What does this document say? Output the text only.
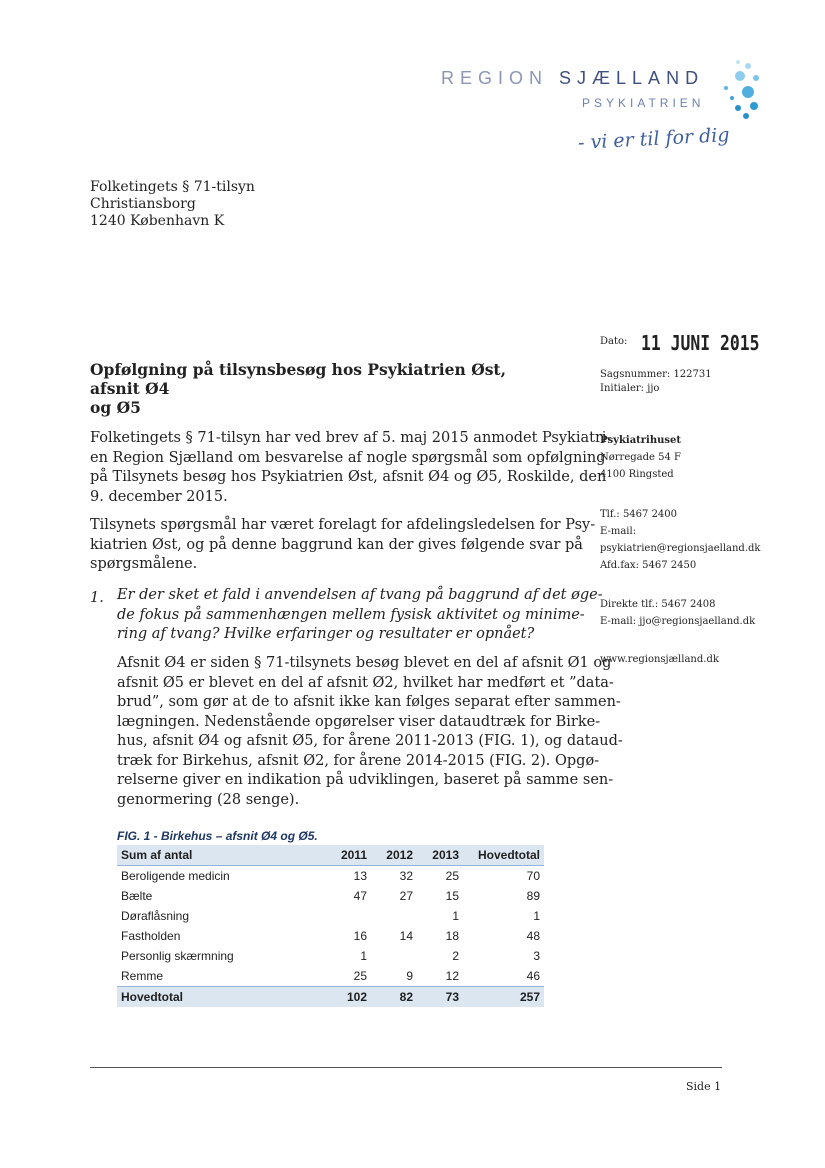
REGION SJÆLLAND
PSYKIATRIEN
- vi er til for dig
Folketingets § 71-tilsyn
Christiansborg
1240 København K
Dato: 11 JUNI 2015
Opfølgning på tilsynsbesøg hos Psykiatrien Øst, afsnit Ø4
og Ø5
Sagsnummer: 122731
Initialer: jjo
Psykiatrihuset
Nørregade 54 F
4100 Ringsted
Tlf.: 5467 2400
E-mail:
psykiatrien@regionsjaelland.dk
Afd.fax: 5467 2450
Direkte tlf.: 5467 2408
E-mail: jjo@regionsjaelland.dk
www.regionsjælland.dk
Folketingets § 71-tilsyn har ved brev af 5. maj 2015 anmodet Psykiatri-
en Region Sjælland om besvarelse af nogle spørgsmål som opfølgning
på Tilsynets besøg hos Psykiatrien Øst, afsnit Ø4 og Ø5, Roskilde, den
9. december 2015.
Tilsynets spørgsmål har været forelagt for afdelingsledelsen for Psy-
kiatrien Øst, og på denne baggrund kan der gives følgende svar på
spørgsmålene.
1. Er der sket et fald i anvendelsen af tvang på baggrund af det øge-
de fokus på sammenhængen mellem fysisk aktivitet og minime-
ring af tvang? Hvilke erfaringer og resultater er opnået?
Afsnit Ø4 er siden § 71-tilsynets besøg blevet en del af afsnit Ø1 og
afsnit Ø5 er blevet en del af afsnit Ø2, hvilket har medført et ”data-
brud”, som gør at de to afsnit ikke kan følges separat efter sammen-
lægningen. Nedenstående opgørelser viser dataudtræk for Birke-
hus, afsnit Ø4 og afsnit Ø5, for årene 2011-2013 (FIG. 1), og dataud-
træk for Birkehus, afsnit Ø2, for årene 2014-2015 (FIG. 2). Opgø-
relserne giver en indikation på udviklingen, baseret på samme sen-
genormering (28 senge).
FIG. 1 - Birkehus – afsnit Ø4 og Ø5.
Sum af antal	2011	2012	2013	Hovedtotal
Beroligende medicin	13	32	25	70
Bælte	47	27	15	89
Døraflåsning			1	1
Fastholden	16	14	18	48
Personlig skærmning	1		2	3
Remme	25	9	12	46
Hovedtotal	102	82	73	257
Side 1
